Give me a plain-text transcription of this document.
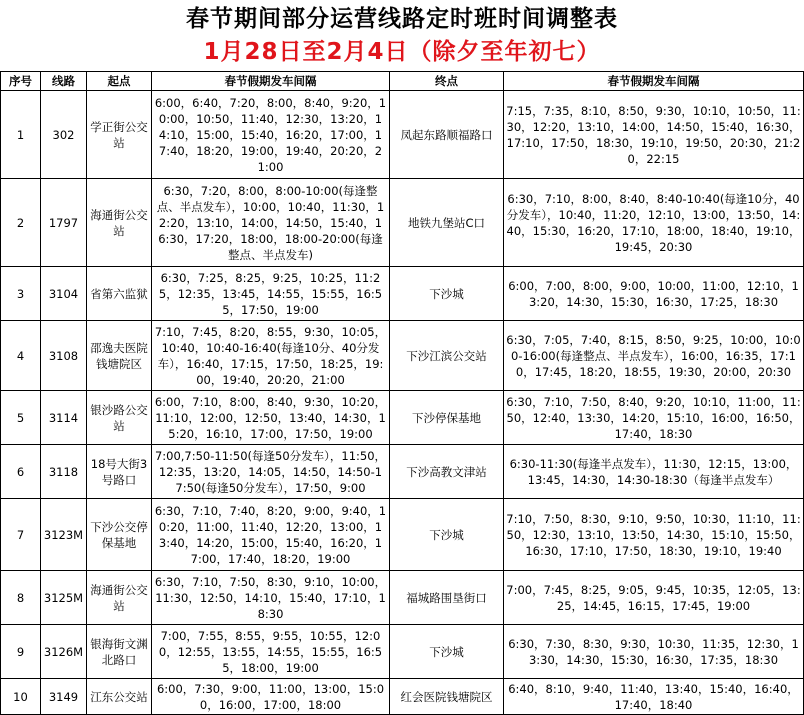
春节期间部分运营线路定时班时间调整表
1月28日至2月4日（除夕至年初七）
序号	线路	起点	春节假期发车间隔	终点	春节假期发车间隔
1	302	学正街公交站	6:00，6:40，7:20，8:00，8:40，9:20，10:00，10:50，11:40，12:30，13:20，14:10，15:00，15:40，16:20，17:00，17:40，18:20，19:00，19:40，20:20，21:00	凤起东路顺福路口	7:15，7:35，8:10，8:50，9:30，10:10，10:50，11:30，12:20，13:10，14:00，14:50，15:40，16:30，17:10，17:50，18:30，19:10，19:50，20:30，21:20，22:15
2	1797	海通街公交站	6:30，7:20，8:00，8:00-10:00(每逢整点、半点发车），10:00，10:40，11:30，12:20，13:10，14:00，14:50，15:40，16:30，17:20，18:00，18:00-20:00(每逢整点、半点发车)	地铁九堡站C口	6:30，7:10，8:00，8:40，8:40-10:40(每逢10分，40分发车），10:40，11:20，12:10，13:00，13:50，14:40，15:30，16:20，17:10，18:00，18:40，19:10，19:45，20:30
3	3104	省第六监狱	6:30，7:25，8:25，9:25，10:25，11:25，12:35，13:45，14:55，15:55，16:55，17:50，19:00	下沙城	6:00，7:00，8:00，9:00，10:00，11:00，12:10，13:20，14:30，15:30，16:30，17:25，18:30
4	3108	邵逸夫医院钱塘院区	7:10，7:45，8:20，8:55，9:30，10:05，10:40，10:40-16:40(每逢10分、40分发车），16:40，17:15，17:50，18:25，19:00，19:40，20:20，21:00	下沙江滨公交站	6:30，7:05，7:40，8:15，8:50，9:25，10:00，10:00-16:00(每逢整点、半点发车），16:00，16:35，17:10，17:45，18:20，18:55，19:30，20:00，20:30
5	3114	银沙路公交站	6:00，7:10，8:00，8:40，9:30，10:20，11:10，12:00，12:50，13:40，14:30，15:20，16:10，17:00，17:50，19:00	下沙停保基地	6:30，7:10，7:50，8:40，9:20，10:10，11:00，11:50，12:40，13:30，14:20，15:10，16:00，16:50，17:40，18:30
6	3118	18号大街3号路口	7:00,7:50-11:50(每逢50分发车），11:50，12:35，13:20，14:05，14:50，14:50-17:50(每逢50分发车），17:50，9:00	下沙高教文津站	6:30-11:30(每逢半点发车），11:30，12:15，13:00，13:45，14:30，14:30-18:30（每逢半点发车）
7	3123M	下沙公交停保基地	6:30，7:10，7:40，8:20，9:00，9:40，10:20，11:00，11:40，12:20，13:00，13:40，14:20，15:00，15:40，16:20，17:00，17:40，18:20，19:00	下沙城	7:10，7:50，8:30，9:10，9:50，10:30，11:10，11:50，12:30，13:10，13:50，14:30，15:10，15:50，16:30，17:10，17:50，18:30，19:10，19:40
8	3125M	海通街公交站	6:30，7:10，7:50，8:30，9:10，10:00，11:30，12:50，14:10，15:40，17:10，18:30	福城路围垦街口	7:00，7:45，8:25，9:05，9:45，10:35，12:05，13:25，14:45，16:15，17:45，19:00
9	3126M	银海街文渊北路口	7:00，7:55，8:55，9:55，10:55，12:00，12:55，13:55，14:55，15:55，16:55，18:00，19:00	下沙城	6:30，7:30，8:30，9:30，10:30，11:35，12:30，13:30，14:30，15:30，16:30，17:35，18:30
10	3149	江东公交站	6:00，7:30，9:00，11:00，13:00，15:00，16:00，17:00，18:00	红会医院钱塘院区	6:40，8:10，9:40，11:40，13:40，15:40，16:40，17:40，18:40
